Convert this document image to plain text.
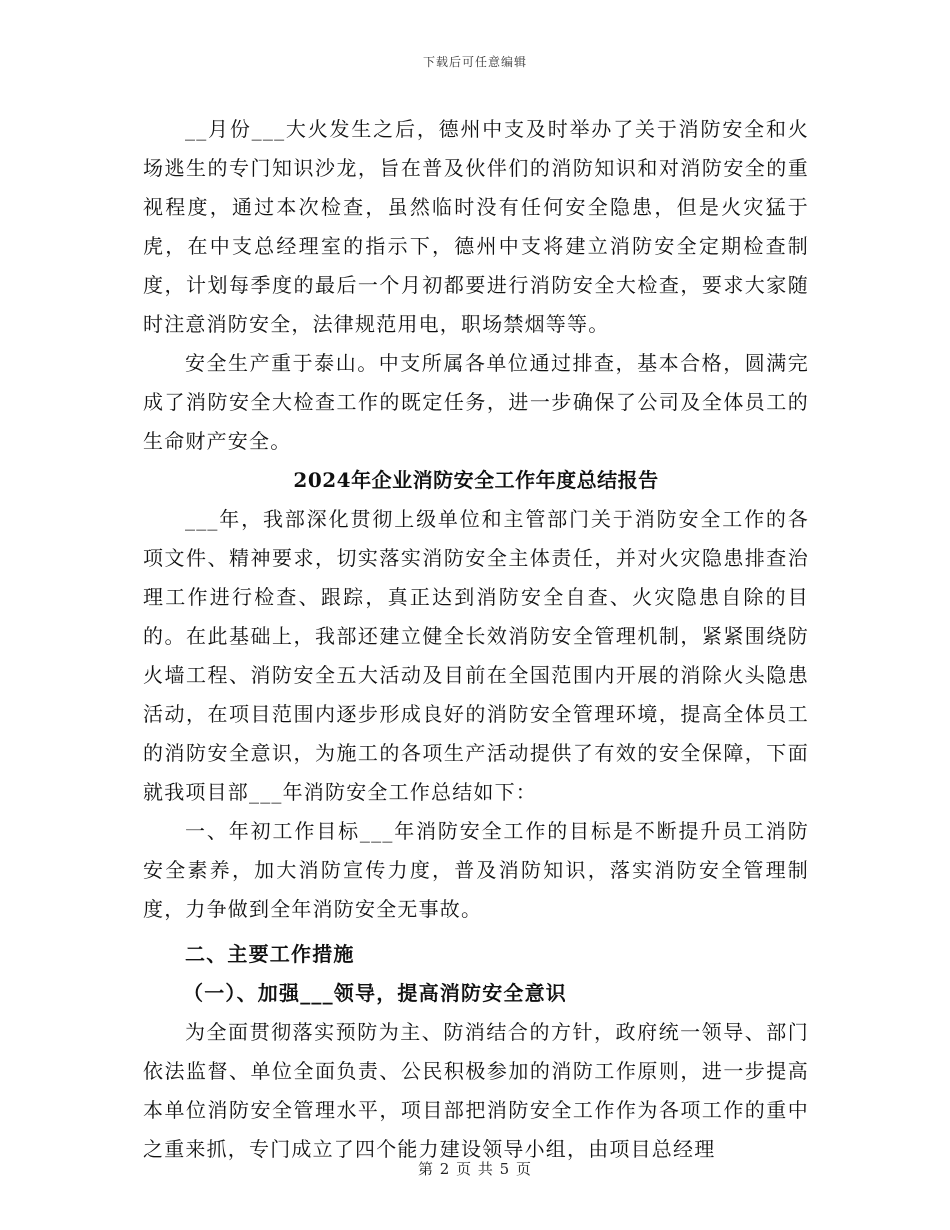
下载后可任意编辑

__月份___大火发生之后，德州中支及时举办了关于消防安全和火场逃生的专门知识沙龙，旨在普及伙伴们的消防知识和对消防安全的重视程度，通过本次检查，虽然临时没有任何安全隐患，但是火灾猛于虎，在中支总经理室的指示下，德州中支将建立消防安全定期检查制度，计划每季度的最后一个月初都要进行消防安全大检查，要求大家随时注意消防安全，法律规范用电，职场禁烟等等。

安全生产重于泰山。中支所属各单位通过排查，基本合格，圆满完成了消防安全大检查工作的既定任务，进一步确保了公司及全体员工的生命财产安全。

2024年企业消防安全工作年度总结报告

___年，我部深化贯彻上级单位和主管部门关于消防安全工作的各项文件、精神要求，切实落实消防安全主体责任，并对火灾隐患排查治理工作进行检查、跟踪，真正达到消防安全自查、火灾隐患自除的目的。在此基础上，我部还建立健全长效消防安全管理机制，紧紧围绕防火墙工程、消防安全五大活动及目前在全国范围内开展的消除火头隐患活动，在项目范围内逐步形成良好的消防安全管理环境，提高全体员工的消防安全意识，为施工的各项生产活动提供了有效的安全保障，下面就我项目部___年消防安全工作总结如下：

一、年初工作目标___年消防安全工作的目标是不断提升员工消防安全素养，加大消防宣传力度，普及消防知识，落实消防安全管理制度，力争做到全年消防安全无事故。

二、主要工作措施

（一）、加强___领导，提高消防安全意识

为全面贯彻落实预防为主、防消结合的方针，政府统一领导、部门依法监督、单位全面负责、公民积极参加的消防工作原则，进一步提高本单位消防安全管理水平，项目部把消防安全工作作为各项工作的重中之重来抓，专门成立了四个能力建设领导小组，由项目总经理

第 2 页 共 5 页
